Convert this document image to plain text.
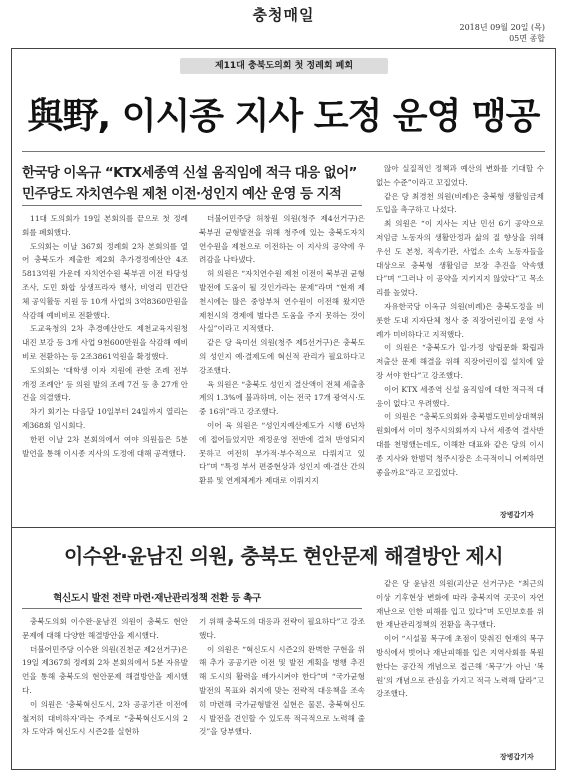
충청매일
2018년 09월 20일 (목)
05면 종합
제11대 충북도의회 첫 정례회 폐회
與野, 이시종 지사 도정 운영 맹공
한국당 이옥규 “KTX세종역 신설 움직임에 적극 대응 없어”
민주당도 자치연수원 제천 이전·성인지 예산 운영 등 지적

11대 도의회가 19일 본회의를 끝으로 첫 정례회를 폐회했다.

도의회는 이날 367회 정례회 2차 본회의를 열어 충북도가 제출한 제2회 추가경정예산안 4조5813억원 가운데 자치연수원 북부권 이전 타당성 조사, 도민 화합 상생프라자 행사, 비영리 민간단체 공익활동 지원 등 10개 사업의 3억8360만원을 삭감해 예비비로 전환했다.

도교육청의 2차 추경예산안도 제천교육지원청 내진 보강 등 3개 사업 9천600만원을 삭감해 예비비로 전환하는 등 2조3861억원을 확정했다.

도의회는 ‘대학생 이자 지원에 관한 조례 전부 개정 조례안’ 등 의원 발의 조례 7건 등 총 27개 안건을 의결했다.

차기 회기는 다음달 10일부터 24일까지 열리는 제368회 임시회다.

한편 이날 2차 본회의에서 여야 의원들은 5분 발언을 통해 이시종 지사의 도정에 대해 공격했다.

더불어민주당 허창원 의원(청주 제4선거구)은 북부권 균형발전을 위해 청주에 있는 충북도자치연수원을 제천으로 이전하는 이 지사의 공약에 우려감을 나타냈다.

허 의원은 “자치연수원 제천 이전이 북부권 균형발전에 도움이 될 것인가라는 문제”라며 “현재 제천시에는 많은 중앙부처 연수원이 이전해 왔지만 제천시의 경제에 별다른 도움을 주지 못하는 것이 사실”이라고 지적했다.

같은 당 육미선 의원(청주 제5선거구)은 충북도의 성인지 예·결제도에 혁신적 관리가 필요하다고 강조했다.

육 의원은 “충북도 성인지 결산액이 전체 세출총계의 1.3%에 불과하며, 이는 전국 17개 광역시·도 중 16위”라고 강조했다.

이어 육 의원은 “성인지예산제도가 시행 6년차에 접어들었지만 재정운영 전반에 걸쳐 반영되지 못하고 여전히 부가적·부수적으로 다뤄지고 있다”며 “특정 부서 편중현상과 성인지 예·결산 간의 환류 및 연계체계가 제대로 이뤄지지

않아 실질적인 정책과 예산의 변화를 기대할 수 없는 수준”이라고 꼬집었다.

같은 당 최경천 의원(비례)은 충북형 생활임금제 도입을 촉구하고 나섰다.

최 의원은 “이 지사는 지난 민선 6기 공약으로 저임금 노동자의 생활안정과 삶의 질 향상을 위해 우선 도 본청, 직속기관, 사업소 소속 노동자들을 대상으로 충북형 생활임금 보장 추진을 약속했다”며 “그러나 이 공약을 지키지지 않았다”고 목소리를 높였다.

자유한국당 이옥규 의원(비례)은 충북도정을 비롯한 도내 지자단체 청사 중 직장어린이집 운영 사례가 미비하다고 지적했다.

이 의원은 “충북도가 일·가정 양립문화 확립과 저출산 문제 해결을 위해 직장어린이집 설치에 앞장 서야 한다”고 강조했다.

이어 KTX 세종역 신설 움직임에 대한 적극적 대응이 없다고 우려했다.

이 의원은 “충북도의회와 충북범도민비상대책위원회에서 이미 청주시의회까지 나서 세종역 결사반대를 천명했는데도, 이해찬 대표와 같은 당의 이시종 지사와 한범덕 청주시장은 소극적이니 어찌하면 좋을까요”라고 꼬집었다.

장병갑기자
이수완·윤남진 의원, 충북도 현안문제 해결방안 제시
혁신도시 발전 전략 마련·재난관리정책 전환 등 촉구

충북도의회 이수완·윤남진 의원이 충북도 현안 문제에 대해 다양한 해결방안을 제시했다.

더불어민주당 이수완 의원(진천군 제2선거구)은 19일 제367회 정례회 2차 본회의에서 5분 자유발언을 통해 충북도의 현안문제 해결방안을 제시했다.

이 의원은 ‘충북혁신도시, 2차 공공기관 이전에 철저히 대비하자’라는 주제로 “충북혁신도시의 2차 도약과 혁신도시 시즌2를 실현하

기 위해 충북도의 대응과 전략이 필요하다”고 강조했다.

이 의원은 “혁신도시 시즌2의 완벽한 구현을 위해 추가 공공기관 이전 및 발전 계획을 병행 추진해 도시의 활력을 배가시켜야 한다”며 “국가균형 발전의 목표와 취지에 맞는 전략적 대응책을 조속히 마련해 국가균형발전 실현은 물론, 충북혁신도시 발전을 견인할 수 있도록 적극적으로 노력해 줄 것”을 당부했다.

같은 당 윤남진 의원(괴산군 선거구)은 “최근의 이상 기후현상 변화에 따라 충북지역 곳곳이 자연재난으로 인한 피해를 입고 있다”며 도민보호를 위한 재난관리정책의 전환을 촉구했다.

이어 “시설물 복구에 초점이 맞춰진 현재의 복구방식에서 벗어나 재난피해를 입은 지역사회를 복원한다는 공간적 개념으로 접근해 ‘복구’가 아닌 ‘복원’의 개념으로 관심을 가지고 적극 노력해 달라”고 강조했다.

장병갑기자
